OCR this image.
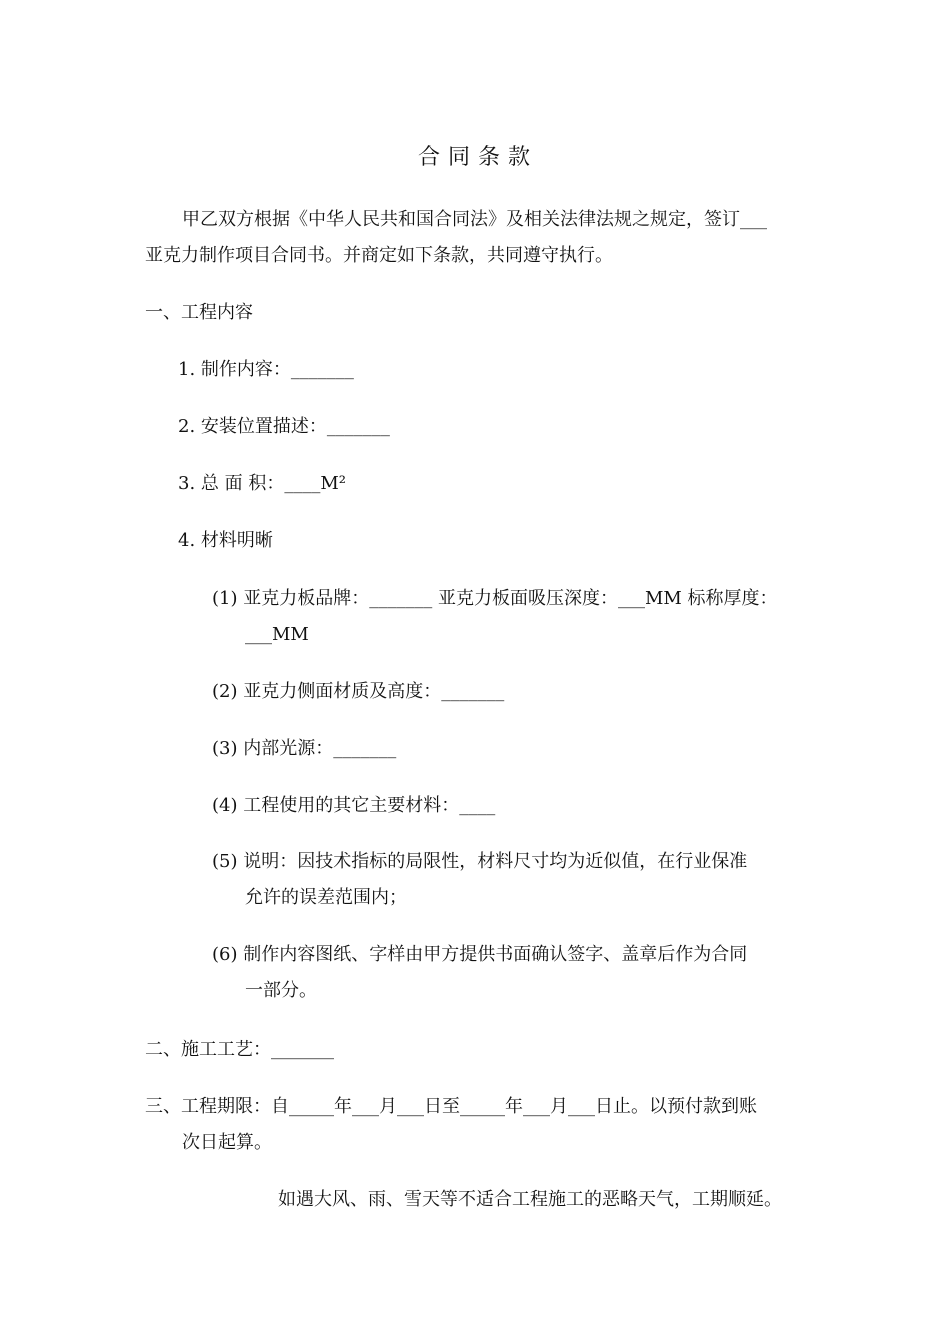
合同条款
甲乙双方根据《中华人民共和国合同法》及相关法律法规之规定，签订___
亚克力制作项目合同书。并商定如下条款，共同遵守执行。
一、工程内容
1. 制作内容：_______
2. 安装位置描述：_______
3. 总 面 积：____M²
4. 材料明晰
(1) 亚克力板品牌：_______ 亚克力板面吸压深度：___MM 标称厚度：
___MM
(2) 亚克力侧面材质及高度：_______
(3) 内部光源：_______
(4) 工程使用的其它主要材料：____
(5) 说明：因技术指标的局限性，材料尺寸均为近似值，在行业保准
允许的误差范围内；
(6) 制作内容图纸、字样由甲方提供书面确认签字、盖章后作为合同
一部分。
二、施工工艺：_______
三、工程期限：自_____年___月___日至_____年___月___日止。以预付款到账
次日起算。
如遇大风、雨、雪天等不适合工程施工的恶略天气，工期顺延。
